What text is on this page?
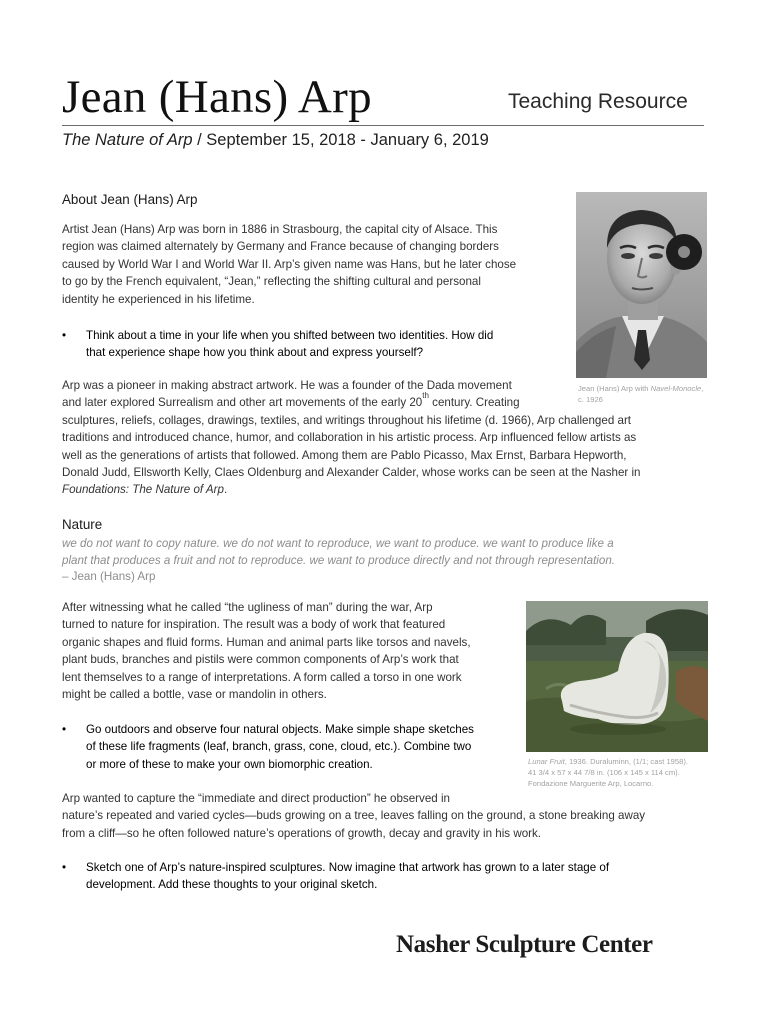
Jean (Hans) Arp	Teaching Resource
The Nature of Arp / September 15, 2018 - January 6, 2019
About Jean (Hans) Arp

Artist Jean (Hans) Arp was born in 1886 in Strasbourg, the capital city of Alsace. This

region was claimed alternately by Germany and France because of changing borders

caused by World War I and World War II. Arp’s given name was Hans, but he later chose

to go by the French equivalent, “Jean,” reflecting the shifting cultural and personal

identity he experienced in his lifetime.

• Think about a time in your life when you shifted between two identities. How did
that experience shape how you think about and express yourself?

Arp was a pioneer in making abstract artwork. He was a founder of the Dada movement

and later explored Surrealism and other art movements of the early 20th century. Creating

sculptures, reliefs, collages, drawings, textiles, and writings throughout his lifetime (d. 1966), Arp challenged art

traditions and introduced chance, humor, and collaboration in his artistic process. Arp influenced fellow artists as

well as the generations of artists that followed. Among them are Pablo Picasso, Max Ernst, Barbara Hepworth,

Donald Judd, Ellsworth Kelly, Claes Oldenburg and Alexander Calder, whose works can be seen at the Nasher in

Foundations: The Nature of Arp.

Jean (Hans) Arp with Navel-Monocle,
c. 1926
Nature
we do not want to copy nature. we do not want to reproduce, we want to produce. we want to produce like a
plant that produces a fruit and not to reproduce. we want to produce directly and not through representation.
– Jean (Hans) Arp

After witnessing what he called “the ugliness of man” during the war, Arp

turned to nature for inspiration. The result was a body of work that featured

organic shapes and fluid forms. Human and animal parts like torsos and navels,

plant buds, branches and pistils were common components of Arp’s work that

lent themselves to a range of interpretations. A form called a torso in one work

might be called a bottle, vase or mandolin in others.

• Go outdoors and observe four natural objects. Make simple shape sketches
of these life fragments (leaf, branch, grass, cone, cloud, etc.). Combine two
or more of these to make your own biomorphic creation.	Lunar Fruit, 1936. Duraluminn, (1/1; cast 1958).
41 3/4 x 57 x 44 7/8 in. (106 x 145 x 114 cm).
Fondazione Marguerite Arp, Locarno.

Arp wanted to capture the “immediate and direct production” he observed in

nature’s repeated and varied cycles—buds growing on a tree, leaves falling on the ground, a stone breaking away

from a cliff—so he often followed nature’s operations of growth, decay and gravity in his work.

• Sketch one of Arp’s nature-inspired sculptures. Now imagine that artwork has grown to a later stage of
development. Add these thoughts to your original sketch.
Nasher Sculpture Center
